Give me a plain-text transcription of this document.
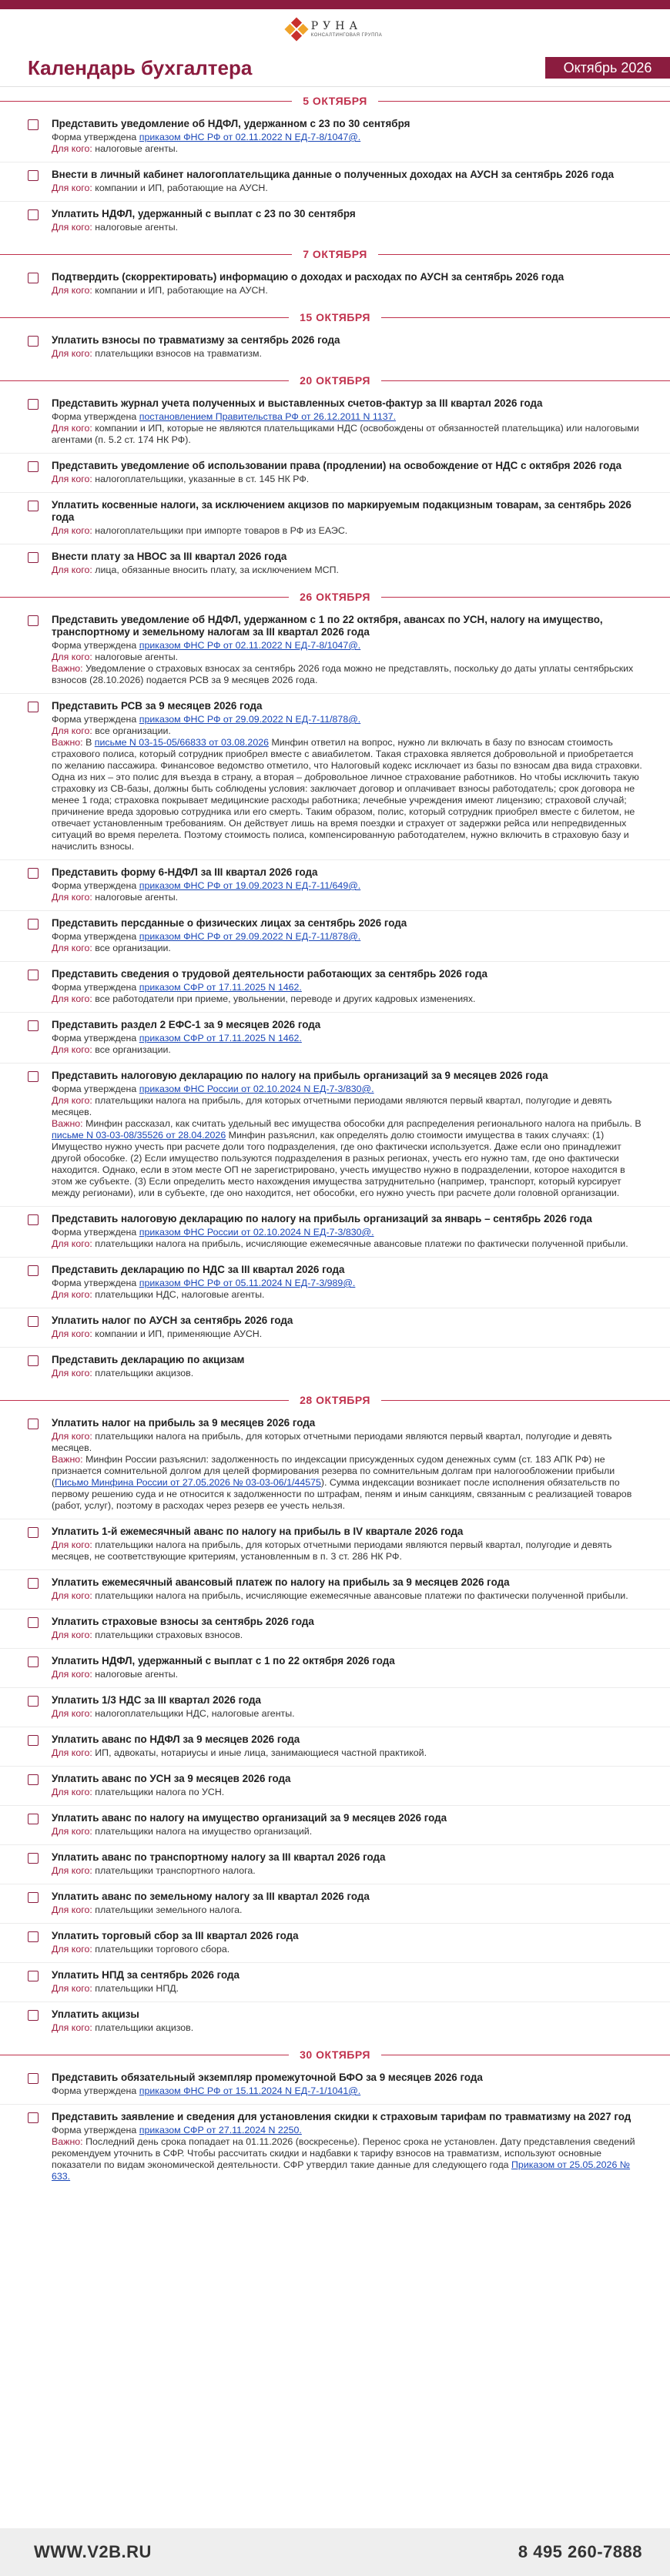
РУНА
КОНСАЛТИНГОВАЯ ГРУППА
Календарь бухгалтера	Октябрь 2026
5 ОКТЯБРЯ
Представить уведомление об НДФЛ, удержанном с 23 по 30 сентября
Форма утверждена приказом ФНС РФ от 02.11.2022 N ЕД-7-8/1047@.
Для кого: налоговые агенты.
Внести в личный кабинет налогоплательщика данные о полученных доходах на АУСН за сентябрь 2026 года
Для кого: компании и ИП, работающие на АУСН.
Уплатить НДФЛ, удержанный с выплат с 23 по 30 сентября
Для кого: налоговые агенты.
7 ОКТЯБРЯ
Подтвердить (скорректировать) информацию о доходах и расходах по АУСН за сентябрь 2026 года
Для кого: компании и ИП, работающие на АУСН.
15 ОКТЯБРЯ
Уплатить взносы по травматизму за сентябрь 2026 года
Для кого: плательщики взносов на травматизм.
20 ОКТЯБРЯ
Представить журнал учета полученных и выставленных счетов-фактур за III квартал 2026 года
Форма утверждена постановлением Правительства РФ от 26.12.2011 N 1137.
Для кого: компании и ИП, которые не являются плательщиками НДС (освобождены от обязанностей плательщика) или налоговыми агентами (п. 5.2 ст. 174 НК РФ).
Представить уведомление об использовании права (продлении) на освобождение от НДС с октября 2026 года
Для кого: налогоплательщики, указанные в ст. 145 НК РФ.
Уплатить косвенные налоги, за исключением акцизов по маркируемым подакцизным товарам, за сентябрь 2026 года
Для кого: налогоплательщики при импорте товаров в РФ из ЕАЭС.
Внести плату за НВОС за III квартал 2026 года
Для кого: лица, обязанные вносить плату, за исключением МСП.
26 ОКТЯБРЯ
Представить уведомление об НДФЛ, удержанном с 1 по 22 октября, авансах по УСН, налогу на имущество, транспортному и земельному налогам за III квартал 2026 года
Форма утверждена приказом ФНС РФ от 02.11.2022 N ЕД-7-8/1047@.
Для кого: налоговые агенты.
Важно: Уведомление о страховых взносах за сентябрь 2026 года можно не представлять, поскольку до даты уплаты сентябрьских взносов (28.10.2026) подается РСВ за 9 месяцев 2026 года.
Представить РСВ за 9 месяцев 2026 года
Форма утверждена приказом ФНС РФ от 29.09.2022 N ЕД-7-11/878@.
Для кого: все организации.
Важно: В письме N 03-15-05/66833 от 03.08.2026 Минфин ответил на вопрос, нужно ли включать в базу по взносам стоимость страхового полиса, который сотрудник приобрел вместе с авиабилетом. Такая страховка является добровольной и приобретается по желанию пассажира. Финансовое ведомство отметило, что Налоговый кодекс исключает из базы по взносам два вида страховки. Одна из них – это полис для въезда в страну, а вторая – добровольное личное страхование работников. Но чтобы исключить такую страховку из СВ-базы, должны быть соблюдены условия: заключает договор и оплачивает взносы работодатель; срок договора не менее 1 года; страховка покрывает медицинские расходы работника; лечебные учреждения имеют лицензию; страховой случай; причинение вреда здоровью сотрудника или его смерть. Таким образом, полис, который сотрудник приобрел вместе с билетом, не отвечает установленным требованиям. Он действует лишь на время поездки и страхует от задержки рейса или непредвиденных ситуаций во время перелета. Поэтому стоимость полиса, компенсированную работодателем, нужно включить в страховую базу и начислить взносы.
Представить форму 6-НДФЛ за III квартал 2026 года
Форма утверждена приказом ФНС РФ от 19.09.2023 N ЕД-7-11/649@.
Для кого: налоговые агенты.
Представить персданные о физических лицах за сентябрь 2026 года
Форма утверждена приказом ФНС РФ от 29.09.2022 N ЕД-7-11/878@.
Для кого: все организации.
Представить сведения о трудовой деятельности работающих за сентябрь 2026 года
Форма утверждена приказом СФР от 17.11.2025 N 1462.
Для кого: все работодатели при приеме, увольнении, переводе и других кадровых изменениях.
Представить раздел 2 ЕФС-1 за 9 месяцев 2026 года
Форма утверждена приказом СФР от 17.11.2025 N 1462.
Для кого: все организации.
Представить налоговую декларацию по налогу на прибыль организаций за 9 месяцев 2026 года
Форма утверждена приказом ФНС России от 02.10.2024 N ЕД-7-3/830@.
Для кого: плательщики налога на прибыль, для которых отчетными периодами являются первый квартал, полугодие и девять месяцев.
Важно: Минфин рассказал, как считать удельный вес имущества обособки для распределения регионального налога на прибыль. В письме N 03-03-08/35526 от 28.04.2026 Минфин разъяснил, как определять долю стоимости имущества в таких случаях: (1) Имущество нужно учесть при расчете доли того подразделения, где оно фактически используется. Даже если оно принадлежит другой обособке. (2) Если имущество пользуются подразделения в разных регионах, учесть его нужно там, где оно фактически находится. Однако, если в этом месте ОП не зарегистрировано, учесть имущество нужно в подразделении, которое находится в этом же субъекте. (3) Если определить место нахождения имущества затруднительно (например, транспорт, который курсирует между регионами), или в субъекте, где оно находится, нет обособки, его нужно учесть при расчете доли головной организации.
Представить налоговую декларацию по налогу на прибыль организаций за январь – сентябрь 2026 года
Форма утверждена приказом ФНС России от 02.10.2024 N ЕД-7-3/830@.
Для кого: плательщики налога на прибыль, исчисляющие ежемесячные авансовые платежи по фактически полученной прибыли.
Представить декларацию по НДС за III квартал 2026 года
Форма утверждена приказом ФНС РФ от 05.11.2024 N ЕД-7-3/989@.
Для кого: плательщики НДС, налоговые агенты.
Уплатить налог по АУСН за сентябрь 2026 года
Для кого: компании и ИП, применяющие АУСН.
Представить декларацию по акцизам
Для кого: плательщики акцизов.
28 ОКТЯБРЯ
Уплатить налог на прибыль за 9 месяцев 2026 года
Для кого: плательщики налога на прибыль, для которых отчетными периодами являются первый квартал, полугодие и девять месяцев.
Важно: Минфин России разъяснил: задолженность по индексации присужденных судом денежных сумм (ст. 183 АПК РФ) не признается сомнительной долгом для целей формирования резерва по сомнительным долгам при налогообложении прибыли (Письмо Минфина России от 27.05.2026 № 03-03-06/1/44575). Сумма индексации возникает после исполнения обязательств по первому решению суда и не относится к задолженности по штрафам, пеням и иным санкциям, связанным с реализацией товаров (работ, услуг), поэтому в расходах через резерв ее учесть нельзя.
Уплатить 1-й ежемесячный аванс по налогу на прибыль в IV квартале 2026 года
Для кого: плательщики налога на прибыль, для которых отчетными периодами являются первый квартал, полугодие и девять месяцев, не соответствующие критериям, установленным в п. 3 ст. 286 НК РФ.
Уплатить ежемесячный авансовый платеж по налогу на прибыль за 9 месяцев 2026 года
Для кого: плательщики налога на прибыль, исчисляющие ежемесячные авансовые платежи по фактически полученной прибыли.
Уплатить страховые взносы за сентябрь 2026 года
Для кого: плательщики страховых взносов.
Уплатить НДФЛ, удержанный с выплат с 1 по 22 октября 2026 года
Для кого: налоговые агенты.
Уплатить 1/3 НДС за III квартал 2026 года
Для кого: налогоплательщики НДС, налоговые агенты.
Уплатить аванс по НДФЛ за 9 месяцев 2026 года
Для кого: ИП, адвокаты, нотариусы и иные лица, занимающиеся частной практикой.
Уплатить аванс по УСН за 9 месяцев 2026 года
Для кого: плательщики налога по УСН.
Уплатить аванс по налогу на имущество организаций за 9 месяцев 2026 года
Для кого: плательщики налога на имущество организаций.
Уплатить аванс по транспортному налогу за III квартал 2026 года
Для кого: плательщики транспортного налога.
Уплатить аванс по земельному налогу за III квартал 2026 года
Для кого: плательщики земельного налога.
Уплатить торговый сбор за III квартал 2026 года
Для кого: плательщики торгового сбора.
Уплатить НПД за сентябрь 2026 года
Для кого: плательщики НПД.
Уплатить акцизы
Для кого: плательщики акцизов.
30 ОКТЯБРЯ
Представить обязательный экземпляр промежуточной БФО за 9 месяцев 2026 года
Форма утверждена приказом ФНС РФ от 15.11.2024 N ЕД-7-1/1041@.
Представить заявление и сведения для установления скидки к страховым тарифам по травматизму на 2027 год
Форма утверждена приказом СФР от 27.11.2024 N 2250.
Важно: Последний день срока попадает на 01.11.2026 (воскресенье). Перенос срока не установлен. Дату представления сведений рекомендуем уточнить в СФР. Чтобы рассчитать скидки и надбавки к тарифу взносов на травматизм, используют основные показатели по видам экономической деятельности. СФР утвердил такие данные для следующего года Приказом от 25.05.2026 № 633.
WWW.V2B.RU	8 495 260-7888
